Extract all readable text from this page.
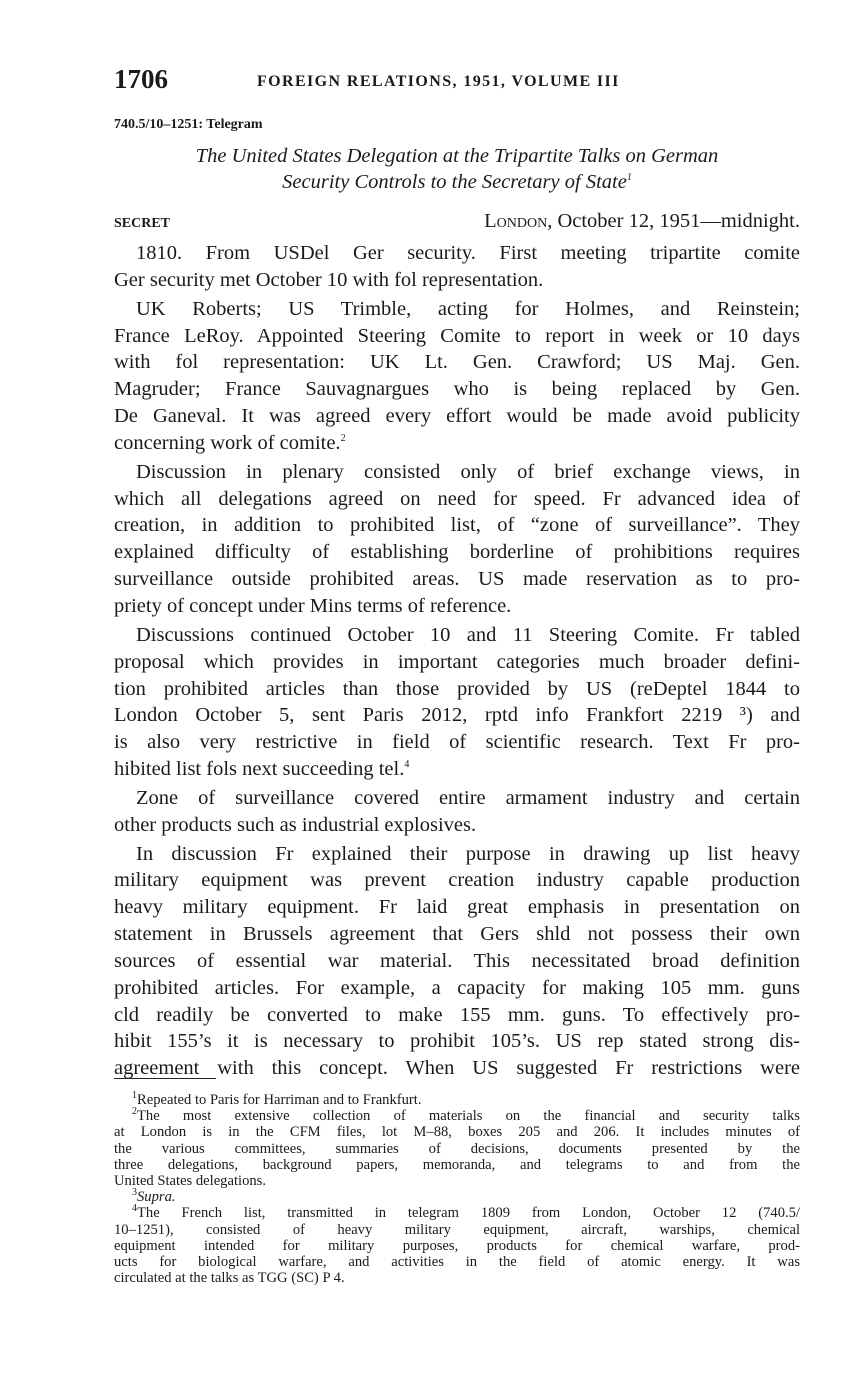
1706	FOREIGN RELATIONS, 1951, VOLUME III
740.5/10–1251: Telegram
The United States Delegation at the Tripartite Talks on German
Security Controls to the Secretary of State$^1$
SECRET	London, October 12, 1951—midnight.
1810. From USDel Ger security. First meeting tripartite comite
Ger security met October 10 with fol representation.
UK Roberts; US Trimble, acting for Holmes, and Reinstein;
France LeRoy. Appointed Steering Comite to report in week or 10 days
with fol representation: UK Lt. Gen. Crawford; US Maj. Gen.
Magruder; France Sauvagnargues who is being replaced by Gen.
De Ganeval. It was agreed every effort would be made avoid publicity
concerning work of comite.$^2$
Discussion in plenary consisted only of brief exchange views, in
which all delegations agreed on need for speed. Fr advanced idea of
creation, in addition to prohibited list, of “zone of surveillance”. They
explained difficulty of establishing borderline of prohibitions requires
surveillance outside prohibited areas. US made reservation as to pro-
priety of concept under Mins terms of reference.
Discussions continued October 10 and 11 Steering Comite. Fr tabled
proposal which provides in important categories much broader defini-
tion prohibited articles than those provided by US (reDeptel 1844 to
London October 5, sent Paris 2012, rptd info Frankfort 2219 ³) and
is also very restrictive in field of scientific research. Text Fr pro-
hibited list fols next succeeding tel.$^4$
Zone of surveillance covered entire armament industry and certain
other products such as industrial explosives.
In discussion Fr explained their purpose in drawing up list heavy
military equipment was prevent creation industry capable production
heavy military equipment. Fr laid great emphasis in presentation on
statement in Brussels agreement that Gers shld not possess their own
sources of essential war material. This necessitated broad definition
prohibited articles. For example, a capacity for making 105 mm. guns
cld readily be converted to make 155 mm. guns. To effectively pro-
hibit 155’s it is necessary to prohibit 105’s. US rep stated strong dis-
agreement with this concept. When US suggested Fr restrictions were
$^1$Repeated to Paris for Harriman and to Frankfurt.
$^2$The most extensive collection of materials on the financial and security talks
at London is in the CFM files, lot M–88, boxes 205 and 206. It includes minutes of
the various committees, summaries of decisions, documents presented by the
three delegations, background papers, memoranda, and telegrams to and from the
United States delegations.
$^3$Supra.
$^4$The French list, transmitted in telegram 1809 from London, October 12 (740.5/
10–1251), consisted of heavy military equipment, aircraft, warships, chemical
equipment intended for military purposes, products for chemical warfare, prod-
ucts for biological warfare, and activities in the field of atomic energy. It was
circulated at the talks as TGG (SC) P 4.
